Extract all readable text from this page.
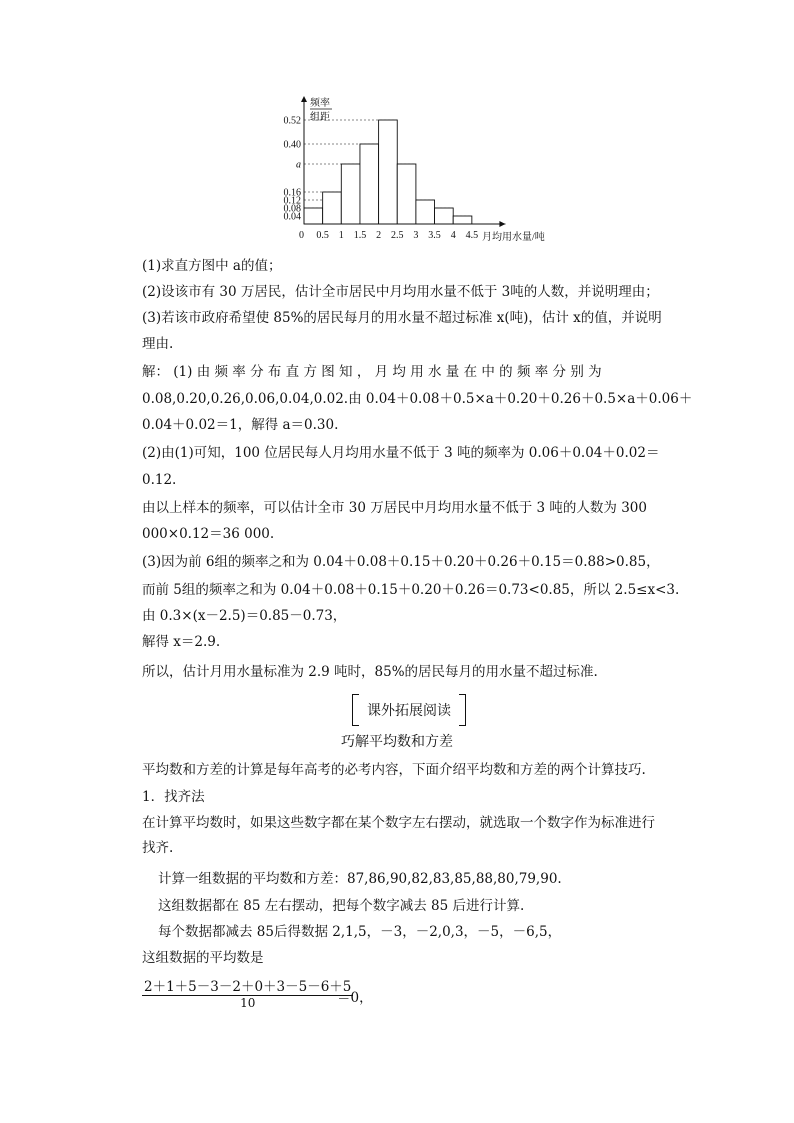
0.52
0.40
a
0.16
0.12
0.08
0.04
0 0.5 1 1.5 2 2.5 3 3.5 4 4.5
频率
组距
月均用水量/吨
(1)求直方图中 a的值；
(2)设该市有 30 万居民，估计全市居民中月均用水量不低于 3吨的人数，并说明理由；
(3)若该市政府希望使 85%的居民每月的用水量不超过标准 x(吨)，估计 x的值，并说明
理由.
解： (1) 由 频 率 分 布 直 方 图 知 ， 月 均 用 水 量 在 中 的 频 率 分 别 为
0.08,0.20,0.26,0.06,0.04,0.02.由 0.04＋0.08＋0.5×a＋0.20＋0.26＋0.5×a＋0.06＋
0.04＋0.02＝1，解得 a＝0.30.
(2)由(1)可知，100 位居民每人月均用水量不低于 3 吨的频率为 0.06＋0.04＋0.02＝
0.12.
由以上样本的频率，可以估计全市 30 万居民中月均用水量不低于 3 吨的人数为 300
000×0.12＝36 000.
(3)因为前 6组的频率之和为 0.04＋0.08＋0.15＋0.20＋0.26＋0.15＝0.88>0.85，
而前 5组的频率之和为 0.04＋0.08＋0.15＋0.20＋0.26＝0.73<0.85，所以 2.5≤x<3.
由 0.3×(x－2.5)＝0.85－0.73，
解得 x＝2.9.
所以，估计月用水量标准为 2.9 吨时，85%的居民每月的用水量不超过标准.
课外拓展阅读
巧解平均数和方差
平均数和方差的计算是每年高考的必考内容，下面介绍平均数和方差的两个计算技巧.
1．找齐法
在计算平均数时，如果这些数字都在某个数字左右摆动，就选取一个数字作为标准进行
找齐.
计算一组数据的平均数和方差：87,86,90,82,83,85,88,80,79,90.
这组数据都在 85 左右摆动，把每个数字减去 85 后进行计算.
每个数据都减去 85后得数据 2,1,5，－3，－2,0,3，－5，－6,5，
这组数据的平均数是
$\frac{2+1+5-3-2+0+3-5-6+5}{10}$
＝0，
